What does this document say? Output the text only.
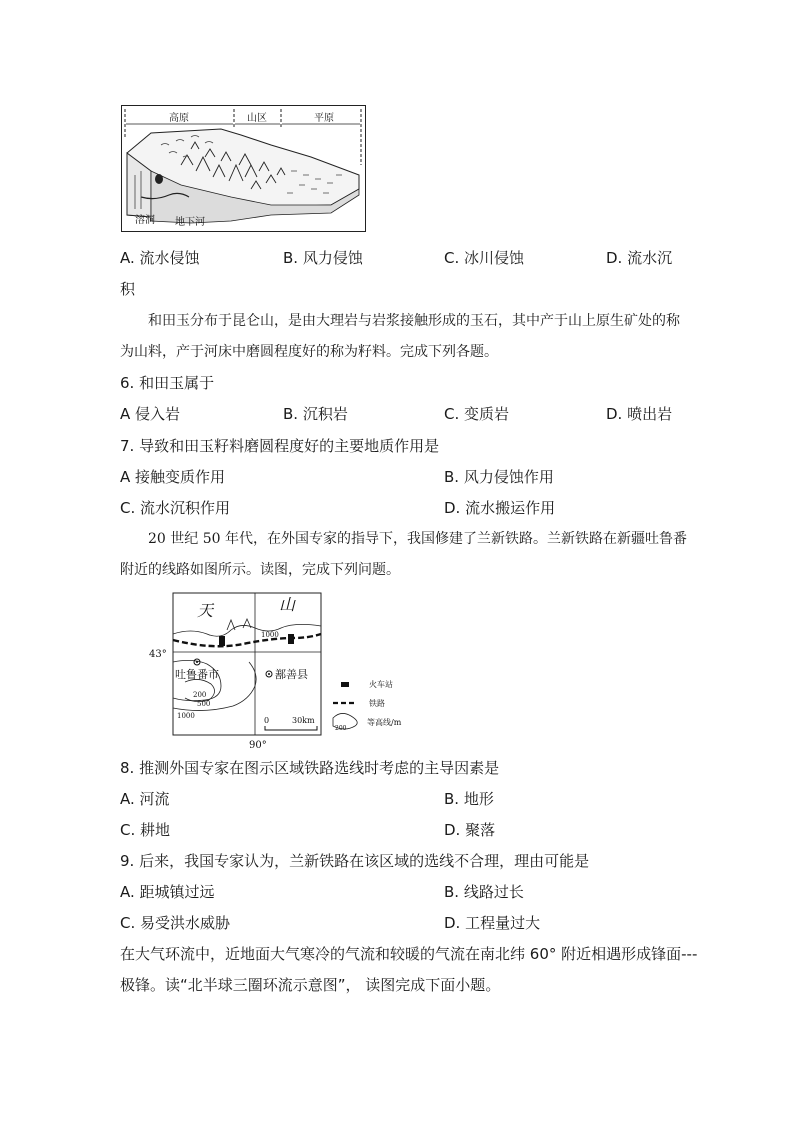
高原	山区	平原
溶洞 地下河
A. 流水侵蚀	B. 风力侵蚀	C. 冰川侵蚀	D. 流水沉
积
和田玉分布于昆仑山，是由大理岩与岩浆接触形成的玉石，其中产于山上原生矿处的称
为山料，产于河床中磨圆程度好的称为籽料。完成下列各题。
6. 和田玉属于
A 侵入岩	B. 沉积岩	C. 变质岩	D. 喷出岩
7. 导致和田玉籽料磨圆程度好的主要地质作用是
A 接触变质作用	B. 风力侵蚀作用
C. 流水沉积作用	D. 流水搬运作用
20 世纪 50 年代，在外国专家的指导下，我国修建了兰新铁路。兰新铁路在新疆吐鲁番
附近的线路如图所示。读图，完成下列问题。
天	山
43°
90°
1000
200
500
1000
吐鲁番市	鄯善县
0	30km
火车站
铁路
200
等高线/m
8. 推测外国专家在图示区域铁路选线时考虑的主导因素是
A. 河流	B. 地形
C. 耕地	D. 聚落
9. 后来，我国专家认为，兰新铁路在该区域的选线不合理，理由可能是
A. 距城镇过远	B. 线路过长
C. 易受洪水威胁	D. 工程量过大
在大气环流中，近地面大气寒冷的气流和较暖的气流在南北纬 60° 附近相遇形成锋面---
极锋。读“北半球三圈环流示意图”， 读图完成下面小题。
